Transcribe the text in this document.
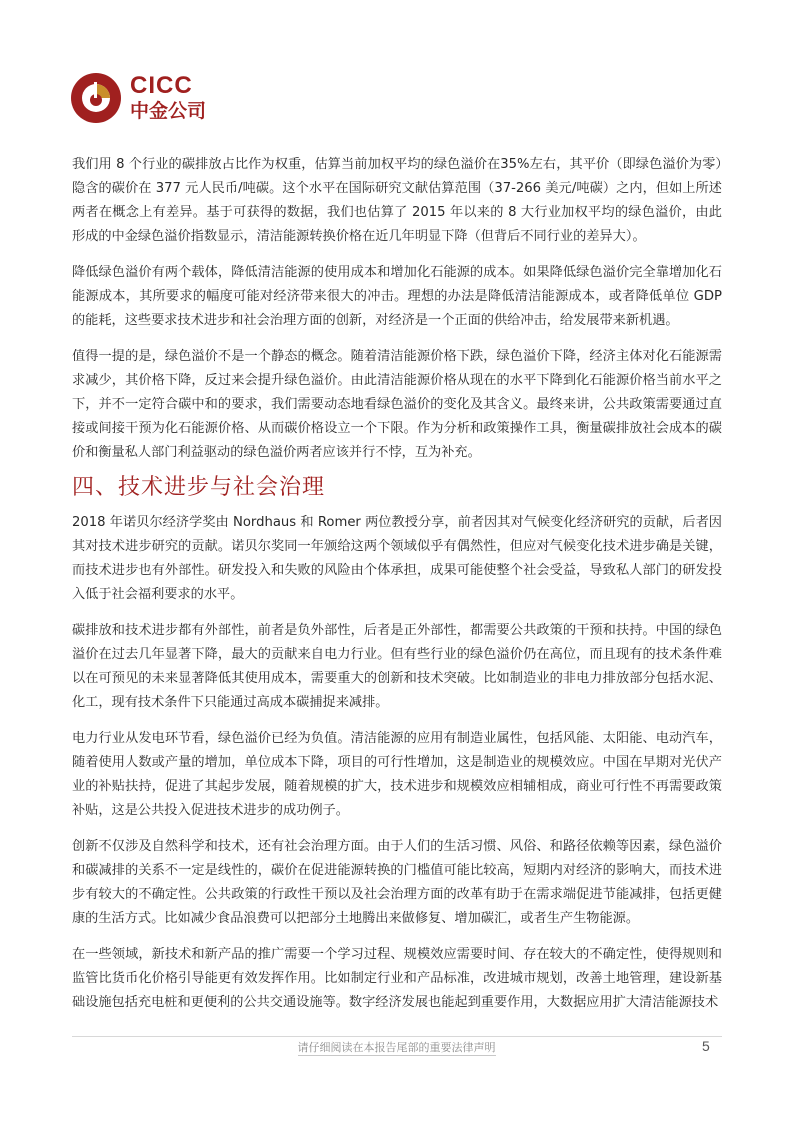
CICC
中金公司

我们用 8 个行业的碳排放占比作为权重，估算当前加权平均的绿色溢价在35%左右，其平价（即绿色溢价为零）隐含的碳价在 377 元人民币/吨碳。这个水平在国际研究文献估算范围（37-266 美元/吨碳）之内，但如上所述两者在概念上有差异。基于可获得的数据，我们也估算了 2015 年以来的 8 大行业加权平均的绿色溢价，由此形成的中金绿色溢价指数显示，清洁能源转换价格在近几年明显下降（但背后不同行业的差异大）。

降低绿色溢价有两个载体，降低清洁能源的使用成本和增加化石能源的成本。如果降低绿色溢价完全靠增加化石能源成本，其所要求的幅度可能对经济带来很大的冲击。理想的办法是降低清洁能源成本，或者降低单位 GDP 的能耗，这些要求技术进步和社会治理方面的创新，对经济是一个正面的供给冲击，给发展带来新机遇。

值得一提的是，绿色溢价不是一个静态的概念。随着清洁能源价格下跌，绿色溢价下降，经济主体对化石能源需求减少，其价格下降，反过来会提升绿色溢价。由此清洁能源价格从现在的水平下降到化石能源价格当前水平之下，并不一定符合碳中和的要求，我们需要动态地看绿色溢价的变化及其含义。最终来讲，公共政策需要通过直接或间接干预为化石能源价格、从而碳价格设立一个下限。作为分析和政策操作工具，衡量碳排放社会成本的碳价和衡量私人部门利益驱动的绿色溢价两者应该并行不悖，互为补充。

四、技术进步与社会治理

2018 年诺贝尔经济学奖由 Nordhaus 和 Romer 两位教授分享，前者因其对气候变化经济研究的贡献，后者因其对技术进步研究的贡献。诺贝尔奖同一年颁给这两个领域似乎有偶然性，但应对气候变化技术进步确是关键，而技术进步也有外部性。研发投入和失败的风险由个体承担，成果可能使整个社会受益，导致私人部门的研发投入低于社会福利要求的水平。

碳排放和技术进步都有外部性，前者是负外部性，后者是正外部性，都需要公共政策的干预和扶持。中国的绿色溢价在过去几年显著下降，最大的贡献来自电力行业。但有些行业的绿色溢价仍在高位，而且现有的技术条件难以在可预见的未来显著降低其使用成本，需要重大的创新和技术突破。比如制造业的非电力排放部分包括水泥、化工，现有技术条件下只能通过高成本碳捕捉来减排。

电力行业从发电环节看，绿色溢价已经为负值。清洁能源的应用有制造业属性，包括风能、太阳能、电动汽车，随着使用人数或产量的增加，单位成本下降，项目的可行性增加，这是制造业的规模效应。中国在早期对光伏产业的补贴扶持，促进了其起步发展，随着规模的扩大，技术进步和规模效应相辅相成，商业可行性不再需要政策补贴，这是公共投入促进技术进步的成功例子。

创新不仅涉及自然科学和技术，还有社会治理方面。由于人们的生活习惯、风俗、和路径依赖等因素，绿色溢价和碳减排的关系不一定是线性的，碳价在促进能源转换的门槛值可能比较高，短期内对经济的影响大，而技术进步有较大的不确定性。公共政策的行政性干预以及社会治理方面的改革有助于在需求端促进节能减排，包括更健康的生活方式。比如减少食品浪费可以把部分土地腾出来做修复、增加碳汇，或者生产生物能源。

在一些领域，新技术和新产品的推广需要一个学习过程、规模效应需要时间、存在较大的不确定性，使得规则和监管比货币化价格引导能更有效发挥作用。比如制定行业和产品标准，改进城市规划，改善土地管理，建设新基础设施包括充电桩和更便利的公共交通设施等。数字经济发展也能起到重要作用，大数据应用扩大清洁能源技术

请仔细阅读在本报告尾部的重要法律声明	5
